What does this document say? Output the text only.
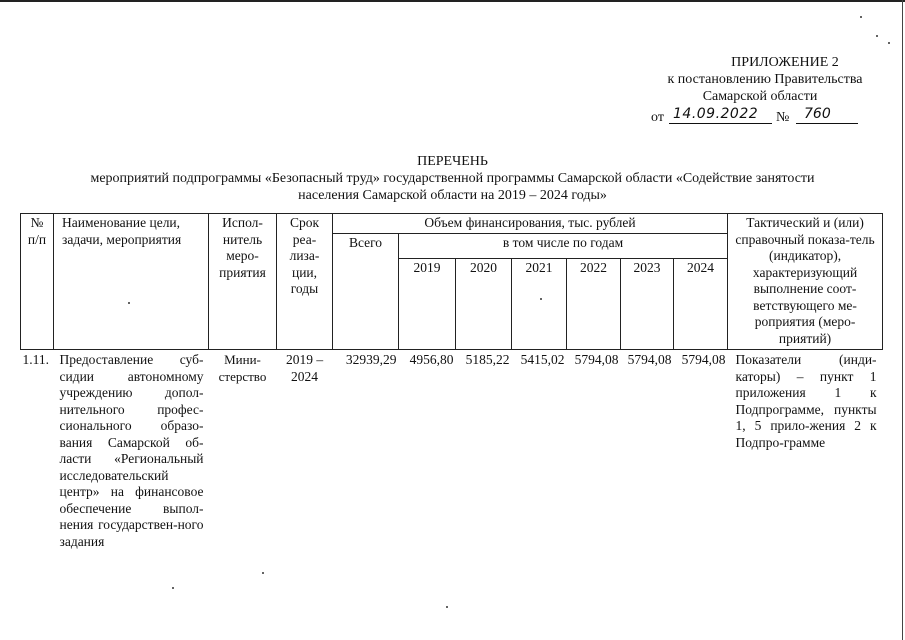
ПРИЛОЖЕНИЕ 2
к постановлению Правительства
Самарской области
от 14.09.2022	№	760
ПЕРЕЧЕНЬ
мероприятий подпрограммы «Безопасный труд» государственной программы Самарской области «Содействие занятости
населения Самарской области на 2019 – 2024 годы»
№ п/п	Наименование цели, задачи, мероприятия	Испол-нитель меро-приятия	Срок реа-лиза-ции, годы	Объем финансирования, тыс. рублей							Тактический и (или) справочный показа-тель (индикатор), характеризующий выполнение соот-ветствующего ме-роприятия (меро-приятий)
				Всего	в том числе по годам						
					2019	2020	2021	2022	2023	2024	
1.11.	Предоставление суб-сидии автономному учреждению допол-нительного профес-сионального образо-вания Самарской об-ласти «Региональный исследовательский центр» на финансовое обеспечение выпол-нения государствен-ного задания	Мини-стерство	2019 – 2024	32939,29	4956,80	5185,22	5415,02	5794,08	5794,08	5794,08	Показатели (инди-каторы) – пункт 1 приложения 1 к Подпрограмме, пункты 1, 5 прило-жения 2 к Подпро-грамме
